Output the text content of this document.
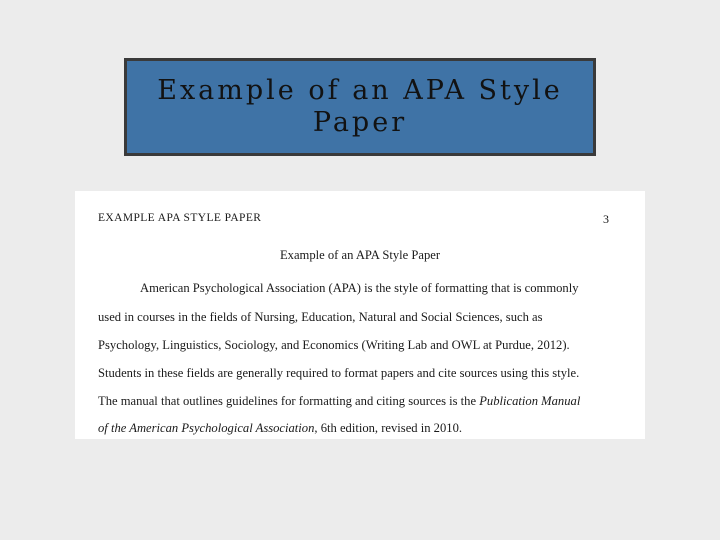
Example of an APA Style
Paper
EXAMPLE APA STYLE PAPER	3
Example of an APA Style Paper
American Psychological Association (APA) is the style of formatting that is commonly
used in courses in the fields of Nursing, Education, Natural and Social Sciences, such as
Psychology, Linguistics, Sociology, and Economics (Writing Lab and OWL at Purdue, 2012).
Students in these fields are generally required to format papers and cite sources using this style.
The manual that outlines guidelines for formatting and citing sources is the Publication Manual
of the American Psychological Association, 6th edition, revised in 2010.
